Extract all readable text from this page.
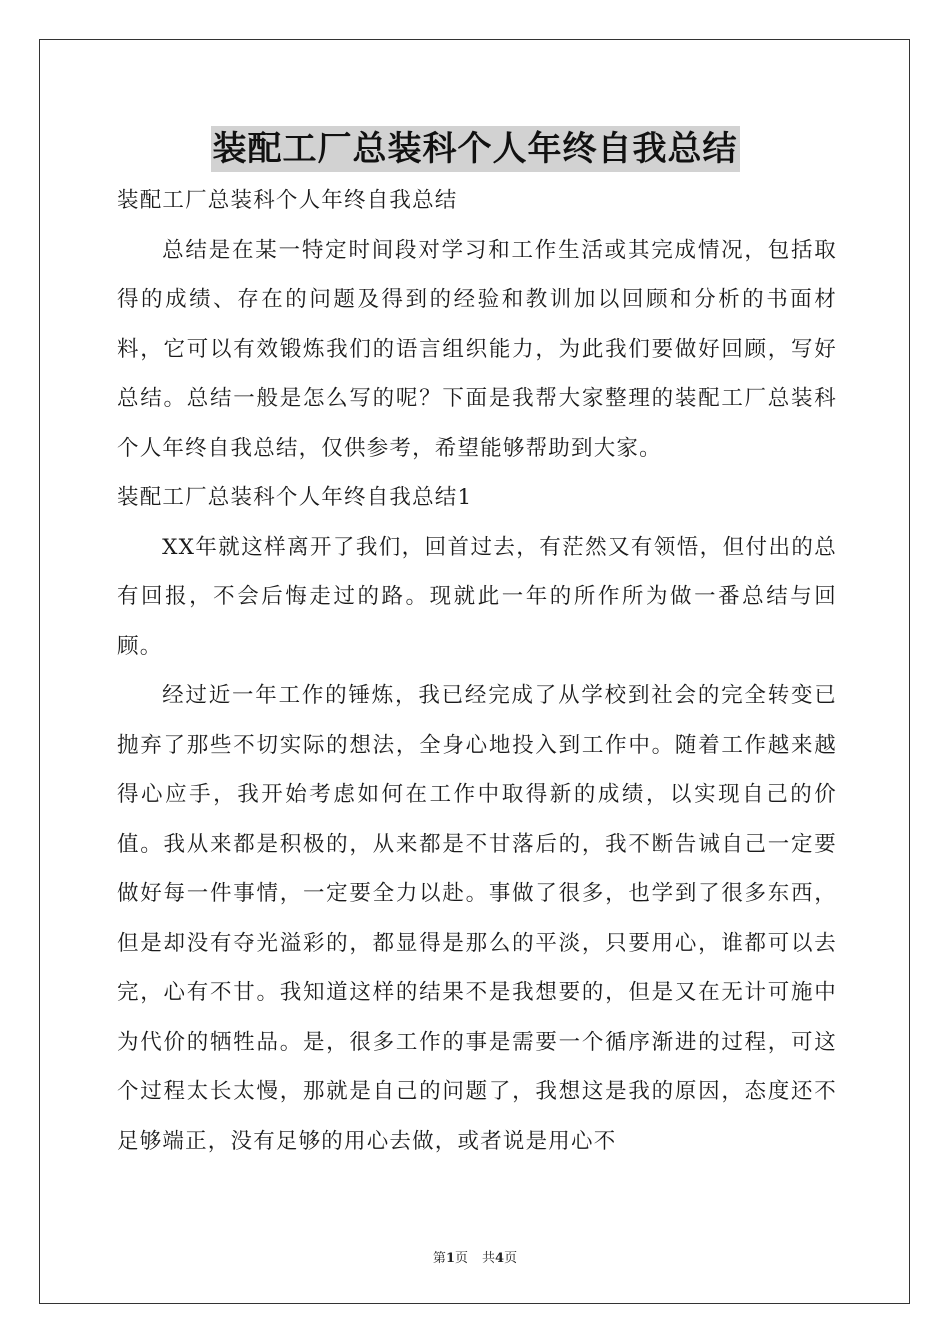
装配工厂总装科个人年终自我总结

装配工厂总装科个人年终自我总结

总结是在某一特定时间段对学习和工作生活或其完成情况，包括取得的成绩、存在的问题及得到的经验和教训加以回顾和分析的书面材料，它可以有效锻炼我们的语言组织能力，为此我们要做好回顾，写好总结。总结一般是怎么写的呢？下面是我帮大家整理的装配工厂总装科个人年终自我总结，仅供参考，希望能够帮助到大家。

装配工厂总装科个人年终自我总结1

XX年就这样离开了我们，回首过去，有茫然又有领悟，但付出的总有回报，不会后悔走过的路。现就此一年的所作所为做一番总结与回顾。

经过近一年工作的锤炼，我已经完成了从学校到社会的完全转变已抛弃了那些不切实际的想法，全身心地投入到工作中。随着工作越来越得心应手，我开始考虑如何在工作中取得新的成绩，以实现自己的价值。我从来都是积极的，从来都是不甘落后的，我不断告诫自己一定要做好每一件事情，一定要全力以赴。事做了很多，也学到了很多东西，但是却没有夺光溢彩的，都显得是那么的平淡，只要用心，谁都可以去完，心有不甘。我知道这样的结果不是我想要的，但是又在无计可施中为代价的牺牲品。是，很多工作的事是需要一个循序渐进的过程，可这个过程太长太慢，那就是自己的问题了，我想这是我的原因，态度还不足够端正，没有足够的用心去做，或者说是用心不

第1页 共4页
